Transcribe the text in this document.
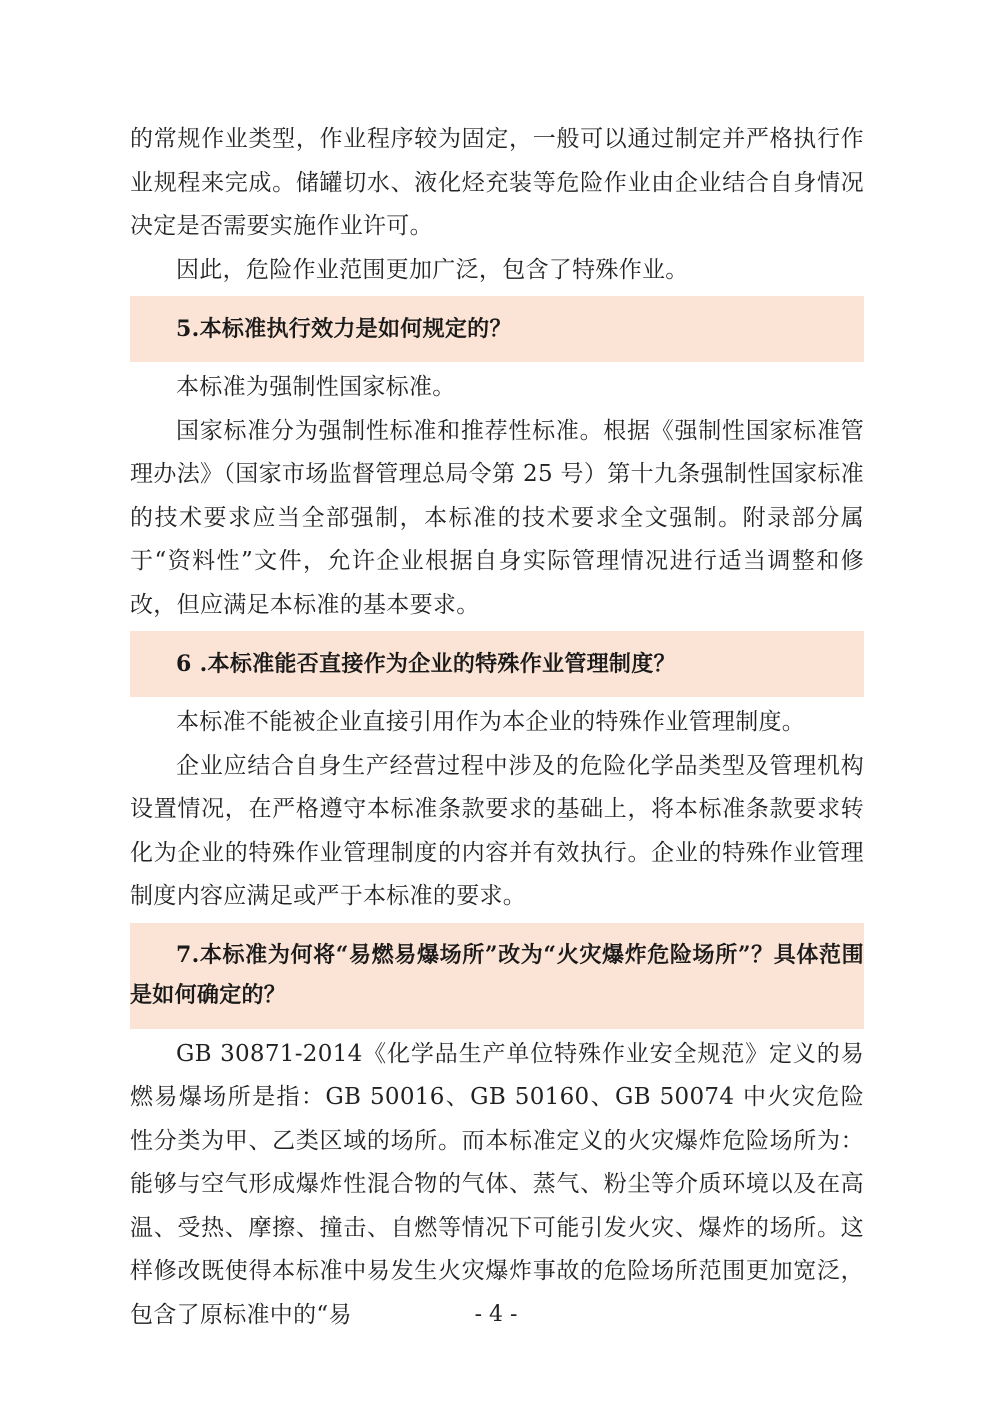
的常规作业类型，作业程序较为固定，一般可以通过制定并严格执行作业规程来完成。储罐切水、液化烃充装等危险作业由企业结合自身情况决定是否需要实施作业许可。

因此，危险作业范围更加广泛，包含了特殊作业。

5.本标准执行效力是如何规定的？

本标准为强制性国家标准。

国家标准分为强制性标准和推荐性标准。根据《强制性国家标准管理办法》（国家市场监督管理总局令第 25 号）第十九条强制性国家标准的技术要求应当全部强制，本标准的技术要求全文强制。附录部分属于“资料性”文件，允许企业根据自身实际管理情况进行适当调整和修改，但应满足本标准的基本要求。

6 .本标准能否直接作为企业的特殊作业管理制度？

本标准不能被企业直接引用作为本企业的特殊作业管理制度。

企业应结合自身生产经营过程中涉及的危险化学品类型及管理机构设置情况，在严格遵守本标准条款要求的基础上，将本标准条款要求转化为企业的特殊作业管理制度的内容并有效执行。企业的特殊作业管理制度内容应满足或严于本标准的要求。

7.本标准为何将“易燃易爆场所”改为“火灾爆炸危险场所”？具体范围是如何确定的？

GB 30871-2014《化学品生产单位特殊作业安全规范》定义的易燃易爆场所是指：GB 50016、GB 50160、GB 50074 中火灾危险性分类为甲、乙类区域的场所。而本标准定义的火灾爆炸危险场所为：能够与空气形成爆炸性混合物的气体、蒸气、粉尘等介质环境以及在高温、受热、摩擦、撞击、自燃等情况下可能引发火灾、爆炸的场所。这样修改既使得本标准中易发生火灾爆炸事故的危险场所范围更加宽泛，包含了原标准中的“易	- 4 -
